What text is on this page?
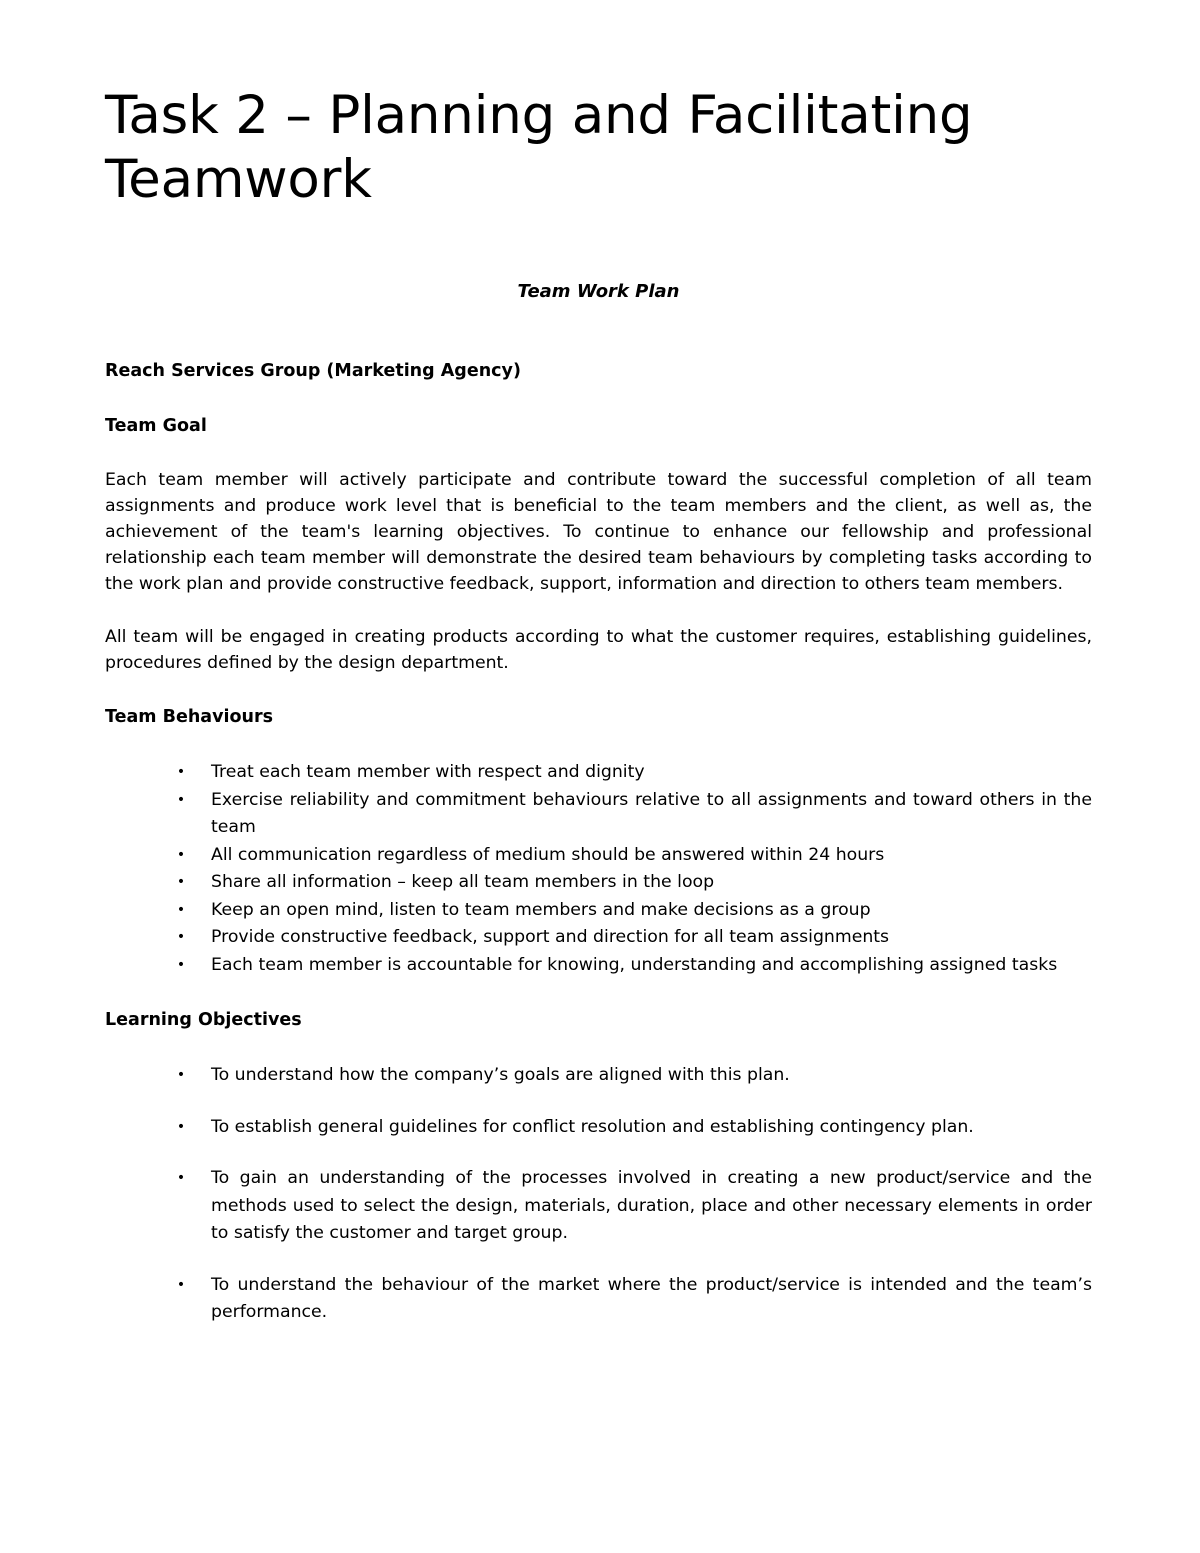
Task 2 – Planning and Facilitating Teamwork

Team Work Plan

Reach Services Group (Marketing Agency)

Team Goal

Each team member will actively participate and contribute toward the successful completion of all team assignments and produce work level that is beneficial to the team members and the client, as well as, the achievement of the team's learning objectives. To continue to enhance our fellowship and professional relationship each team member will demonstrate the desired team behaviours by completing tasks according to the work plan and provide constructive feedback, support, information and direction to others team members.

All team will be engaged in creating products according to what the customer requires, establishing guidelines, procedures defined by the design department.

Team Behaviours

• Treat each team member with respect and dignity
• Exercise reliability and commitment behaviours relative to all assignments and toward others in the team
• All communication regardless of medium should be answered within 24 hours
• Share all information – keep all team members in the loop
• Keep an open mind, listen to team members and make decisions as a group
• Provide constructive feedback, support and direction for all team assignments
• Each team member is accountable for knowing, understanding and accomplishing assigned tasks

Learning Objectives

• To understand how the company’s goals are aligned with this plan.
• To establish general guidelines for conflict resolution and establishing contingency plan.
• To gain an understanding of the processes involved in creating a new product/service and the methods used to select the design, materials, duration, place and other necessary elements in order to satisfy the customer and target group.
• To understand the behaviour of the market where the product/service is intended and the team’s performance.
